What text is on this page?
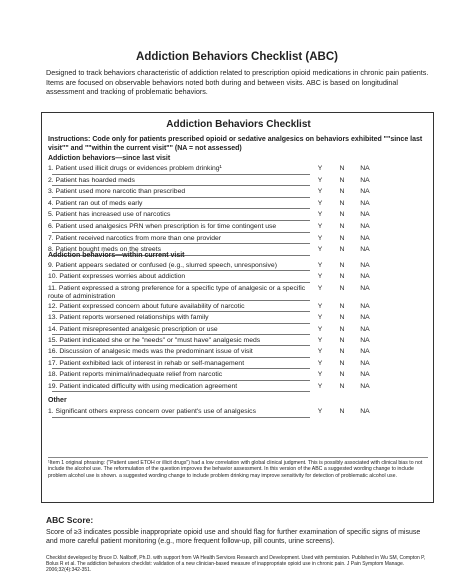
Addiction Behaviors Checklist (ABC)
Designed to track behaviors characteristic of addiction related to prescription opioid medications in chronic pain patients. Items are focused on observable behaviors noted both during and between visits. ABC is based on longitudinal assessment and tracking of problematic behaviors.
Addiction Behaviors Checklist
Instructions: Code only for patients prescribed opioid or sedative analgesics on behaviors exhibited ""since last visit"" and ""within the current visit"" (NA = not assessed)
Addiction behaviors—since last visit
1. Patient used illicit drugs or evidences problem drinking¹	Y	N	NA
2. Patient has hoarded meds	Y	N	NA
3. Patient used more narcotic than prescribed	Y	N	NA
4. Patient ran out of meds early	Y	N	NA
5. Patient has increased use of narcotics	Y	N	NA
6. Patient used analgesics PRN when prescription is for time contingent use	Y	N	NA
7. Patient received narcotics from more than one provider	Y	N	NA
8. Patient bought meds on the streets	Y	N	NA
Addiction behaviors—within current visit
9. Patient appears sedated or confused (e.g., slurred speech, unresponsive)	Y	N	NA
10. Patient expresses worries about addiction	Y	N	NA
11. Patient expressed a strong preference for a specific type of analgesic or a specific route of administration
Y	N	NA
12. Patient expressed concern about future availability of narcotic	Y	N	NA
13. Patient reports worsened relationships with family	Y	N	NA
14. Patient misrepresented analgesic prescription or use	Y	N	NA
15. Patient indicated she or he "needs" or "must have" analgesic meds	Y	N	NA
16. Discussion of analgesic meds was the predominant issue of visit	Y	N	NA
17. Patient exhibited lack of interest in rehab or self-management	Y	N	NA
18. Patient reports minimal/inadequate relief from narcotic	Y	N	NA
19. Patient indicated difficulty with using medication agreement	Y	N	NA
Other
1. Significant others express concern over patient's use of analgesics	Y	N	NA
¹Item 1 original phrasing: ("Patient used ETOH or illicit drugs") had a low correlation with global clinical judgment. This is possibly associated with clinical bias to not include the alcohol use. The reformulation of the question improves the behavior assessment. In this version of the ABC a suggested wording change to include problem alcohol use is shown. a suggested wording change to include problem drinking may improve sensitivity for detection of problematic alcohol use.
ABC Score:
Score of ≥3 indicates possible inappropriate opioid use and should flag for further examination of specific signs of misuse and more careful patient monitoring (e.g., more frequent follow-up, pill counts, urine screens).
Checklist developed by Bruce D. Naliboff, Ph.D. with support from VA Health Services Research and Development. Used with permission. Published in Wu SM, Compton P, Bolus R et al. The addiction behaviors checklist: validation of a new clinician-based measure of inappropriate opioid use in chronic pain. J Pain Symptom Manage. 2006;32(4):342-351.
